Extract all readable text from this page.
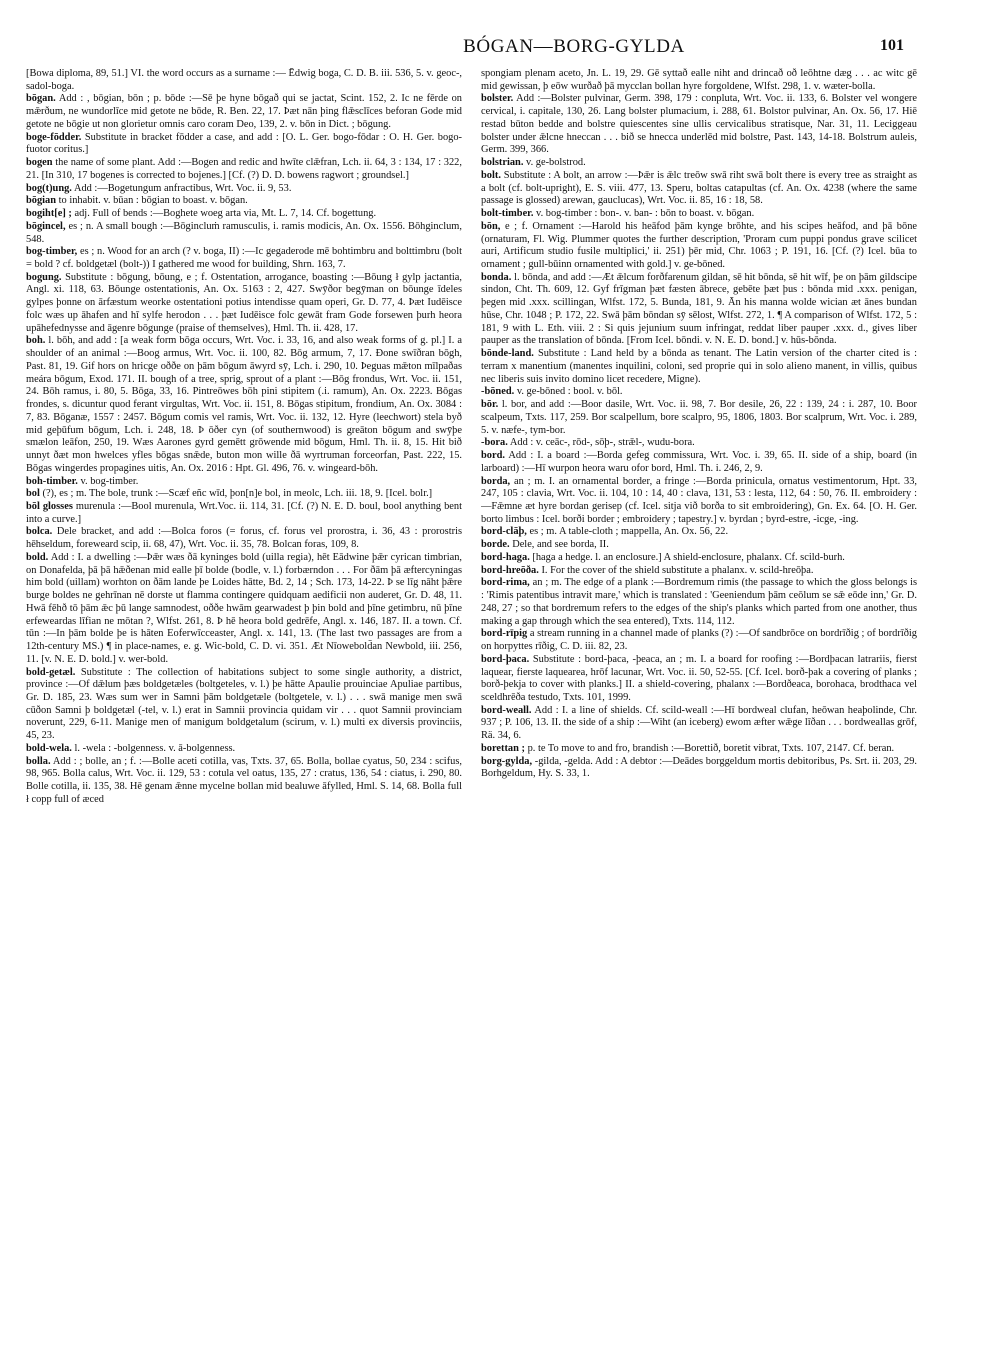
BÓGAN—BORG-GYLDA	101

[Bowa diploma, 89, 51.] VI. the word occurs as a surname :— Ēdwig boga, C. D. B. iii. 536, 5. v. geoc-, sadol-boga.

bōgan. Add : , bōgian, bōn ; p. bōde :—Sē þe hyne bōgað qui se jactat, Scint. 152, 2. Ic ne fērde on mǣrðum, ne wundorlīce mid getote ne bōde, R. Ben. 22, 17. Þæt nān þing flǣsclīces beforan Gode mid getote ne bōgie ut non glorietur omnis caro coram Deo, 139, 2. v. bōn in Dict. ; bōgung.

boge-fōdder. Substitute in bracket fōdder a case, and add : [O. L. Ger. bogo-fōdar : O. H. Ger. bogo-fuotor coritus.]

bogen the name of some plant. Add :—Bogen and redic and hwīte clǣfran, Lch. ii. 64, 3 : 134, 17 : 322, 21. [In 310, 17 bogenes is corrected to bojenes.] [Cf. (?) D. D. bowens ragwort ; groundsel.]

bog(t)ung. Add :—Bogetungum anfractibus, Wrt. Voc. ii. 9, 53.

bōgian to inhabit. v. būan : bōgian to boast. v. bōgan.

bogiht[e] ; adj. Full of bends :—Boghete woeg arta via, Mt. L. 7, 14. Cf. bogettung.

bōgincel, es ; n. A small bough :—Bōgincluṁ ramusculis, i. ramis modicis, An. Ox. 1556. Bōhginclum, 548.

bog-timber, es ; n. Wood for an arch (? v. boga, II) :—Ic gegaderode mē bohtimbru and bolttimbru (bolt = bold ? cf. boldgetæl (bolt-)) I gathered me wood for building, Shrn. 163, 7.

bogung. Substitute : bōgung, bōung, e ; f. Ostentation, arrogance, boasting :—Bōung ł gylp jactantia, Angl. xi. 118, 63. Bōunge ostentationis, An. Ox. 5163 : 2, 427. Swȳðor begȳman on bōunge īdeles gylpes þonne on ārfæstum weorke ostentationi potius intendisse quam operi, Gr. D. 77, 4. Þæt Iudēisce folc wæs up āhafen and hī sylfe herodon . . . þæt Iudēisce folc gewāt fram Gode forsewen þurh heora upāhefednysse and āgenre bōgunge (praise of themselves), Hml. Th. ii. 428, 17.

boh. l. bōh, and add : [a weak form bōga occurs, Wrt. Voc. i. 33, 16, and also weak forms of g. pl.] I. a shoulder of an animal :—Boog armus, Wrt. Voc. ii. 100, 82. Bōg armum, 7, 17. Ðone swīðran bōgh, Past. 81, 19. Gif hors on hricge oððe on þām bōgum āwyrd sȳ, Lch. i. 290, 10. Þeguas mǣton mīlpaðas meára bōgum, Exod. 171. II. bough of a tree, sprig, sprout of a plant :—Bōg frondus, Wrt. Voc. ii. 151, 24. Bōh ramus, i. 80, 5. Bōga, 33, 16. Pintreōwes bōh pini stipitem (.i. ramum), An. Ox. 2223. Bōgas frondes, s. dicuntur quod ferant virgultas, Wrt. Voc. ii. 151, 8. Bōgas stipitum, frondium, An. Ox. 3084 : 7, 83. Bōganæ, 1557 : 2457. Bōgum comis vel ramis, Wrt. Voc. ii. 132, 12. Hyre (leechwort) stela byð mid geþūfum bōgum, Lch. i. 248, 18. Þ ōðer cyn (of southernwood) is greāton bōgum and swȳþe smælon leāfon, 250, 19. Wæs Aarones gyrd gemētt grōwende mid bōgum, Hml. Th. ii. 8, 15. Hit bið unnyt ðæt mon hwelces yfles bōgas snǣde, buton mon wille ðā wyrtruman forceorfan, Past. 222, 15. Bōgas wingerdes propagines uitis, An. Ox. 2016 : Hpt. Gl. 496, 76. v. wingeard-bōh.

boh-timber. v. bog-timber.

bol (?), es ; m. The bole, trunk :—Scæf eñc wīd, þon[n]e bol, in meolc, Lch. iii. 18, 9. [Icel. bolr.]

bōl glosses murenula :—Bool murenula, Wrt.Voc. ii. 114, 31. [Cf. (?) N. E. D. boul, bool anything bent into a curve.]

bolca. Dele bracket, and add :—Bolca foros (= forus, cf. forus vel prorostra, i. 36, 43 : prorostris hēhseldum, foreweard scip, ii. 68, 47), Wrt. Voc. ii. 35, 78. Bolcan foras, 109, 8.

bold. Add : I. a dwelling :—Þǣr wæs ðā kyninges bold (uilla regia), hēt Eādwine þǣr cyrican timbrian, on Donafelda, þā þā hǣðenan mid ealle þī bolde (bodle, v. l.) forbærndon . . . For ðām þā æftercyningas him bold (uillam) worhton on ðām lande þe Loides hātte, Bd. 2, 14 ; Sch. 173, 14-22. Þ se līg nāht þǣre burge boldes ne gehrīnan nē dorste ut flamma contingere quidquam aedificii non auderet, Gr. D. 48, 11. Hwā fēhð tō þām ǣc þū lange samnodest, oððe hwām gearwadest þ þin bold and þīne getimbru, nū þīne erfeweardas līfian ne mōtan ?, Wlfst. 261, 8. Þ hē heora bold gedrēfe, Angl. x. 146, 187. II. a town. Cf. tūn :—In þām bolde þe is hāten Eoferwīcceaster, Angl. x. 141, 13. (The last two passages are from a 12th-century MS.) ¶ in place-names, e. g. Wic-bold, C. D. vi. 351. Æt Nīowebold̄an Newbold, iii. 256, 11. [v. N. E. D. bold.] v. wer-bold.

bold-getæl. Substitute : The collection of habitations subject to some single authority, a district, province :—Of dǣlum þæs boldgetæles (boltgeteles, v. l.) þe hātte Apaulie prouinciae Apuliae partibus, Gr. D. 185, 23. Wæs sum wer in Samni þām boldgetæle (boltgetele, v. l.) . . . swā manige men swā cūðon Samni þ boldgetæl (-tel, v. l.) erat in Samnii provincia quidam vir . . . quot Samnii provinciam noverunt, 229, 6-11. Manige men of manigum boldgetalum (scirum, v. l.) multi ex diversis provinciis, 45, 23.

bold-wela. l. -wela : -bolgenness. v. ā-bolgenness.

bolla. Add : ; bolle, an ; f. :—Bolle aceti cotilla, vas, Txts. 37, 65. Bolla, bollae cyatus, 50, 234 : scifus, 98, 965. Bolla calus, Wrt. Voc. ii. 129, 53 : cotula vel oatus, 135, 27 : cratus, 136, 54 : ciatus, i. 290, 80. Bolle cotilla, ii. 135, 38. Hē genam ǣnne mycelne bollan mid bealuwe āfylled, Hml. S. 14, 68. Bolla full ł copp full of æced

spongiam plenam aceto, Jn. L. 19, 29. Gē syttað ealle niht and drincað oð leōhtne dæg . . . ac witc gē mid gewissan, þ eōw wurðað þā mycclan bollan hyre forgoldene, Wlfst. 298, 1. v. wæter-bolla.

bolster. Add :—Bolster pulvinar, Germ. 398, 179 : conpluta, Wrt. Voc. ii. 133, 6. Bolster vel wongere cervical, i. capitale, 130, 26. Lang bolster plumacium, i. 288, 61. Bolstor pulvinar, An. Ox. 56, 17. Hiē restad būton bedde and bolstre quiescentes sine ullis cervicalibus stratisque, Nar. 31, 11. Leciggeau bolster under ǣlcne hneccan . . . bið se hnecca underlēd mid bolstre, Past. 143, 14-18. Bolstrum auleis, Germ. 399, 366.

bolstrian. v. ge-bolstrod.

bolt. Substitute : A bolt, an arrow :—Þǣr is ǣlc treōw swā riht swā bolt there is every tree as straight as a bolt (cf. bolt-upright), E. S. viii. 477, 13. Speru, boltas catapultas (cf. An. Ox. 4238 (where the same passage is glossed) arewan, gauclucas), Wrt. Voc. ii. 85, 16 : 18, 58.

bolt-timber. v. bog-timber : bon-. v. ban- : bōn to boast. v. bōgan.

bōn, e ; f. Ornament :—Harold his heāfod þām kynge brōhte, and his scipes heāfod, and þā bōne (ornaturam, Fl. Wig. Plummer quotes the further description, 'Proram cum puppi pondus grave scilicet auri, Artificum studio fusile multiplici,' ii. 251) þēr mid, Chr. 1063 ; P. 191, 16. [Cf. (?) Icel. būa to ornament ; gull-būinn ornamented with gold.] v. ge-bōned.

bonda. l. bōnda, and add :—Æt ǣlcum forðfarenum gildan, sē hit bōnda, sē hit wīf, þe on þām gildscipe sindon, Cht. Th. 609, 12. Gyf frīgman þæt fæsten ābrece, gebēte þæt þus : bōnda mid .xxx. penigan, þegen mid .xxx. scillingan, Wlfst. 172, 5. Bunda, 181, 9. Ān his manna wolde wician æt ānes bundan hūse, Chr. 1048 ; P. 172, 22. Swā þām bōndan sȳ sēlost, Wlfst. 272, 1. ¶ A comparison of Wlfst. 172, 5 : 181, 9 with L. Eth. viii. 2 : Si quis jejunium suum infringat, reddat liber pauper .xxx. d., gives liber pauper as the translation of bōnda. [From Icel. bōndi. v. N. E. D. bond.] v. hūs-bōnda.

bōnde-land. Substitute : Land held by a bōnda as tenant. The Latin version of the charter cited is : terram x manentium (manentes inquilini, coloni, sed proprie qui in solo alieno manent, in villis, quibus nec liberis suis invito domino licet recedere, Migne).

-bōned. v. ge-bōned : bool. v. bōl.

bōr. l. bor, and add :—Boor dasile, Wrt. Voc. ii. 98, 7. Bor desile, 26, 22 : 139, 24 : i. 287, 10. Boor scalpeum, Txts. 117, 259. Bor scalpellum, bore scalpro, 95, 1806, 1803. Bor scalprum, Wrt. Voc. i. 289, 5. v. næfe-, tym-bor.

-bora. Add : v. ceāc-, rōd-, sōþ-, strǣl-, wudu-bora.

bord. Add : I. a board :—Borda gefeg commissura, Wrt. Voc. i. 39, 65. II. side of a ship, board (in larboard) :—Hī wurpon heora waru ofor bord, Hml. Th. i. 246, 2, 9.

borda, an ; m. I. an ornamental border, a fringe :—Borda prinicula, ornatus vestimentorum, Hpt. 33, 247, 105 : clavia, Wrt. Voc. ii. 104, 10 : 14, 40 : clava, 131, 53 : lesta, 112, 64 : 50, 76. II. embroidery :—Fǣmne æt hyre bordan gerisep (cf. Icel. sitja við borða to sit embroidering), Gn. Ex. 64. [O. H. Ger. borto limbus : Icel. borði border ; embroidery ; tapestry.] v. byrdan ; byrd-estre, -icge, -ing.

bord-clāþ, es ; m. A table-cloth ; mappella, An. Ox. 56, 22.

borde. Dele, and see borda, II.

bord-haga. [haga a hedge. l. an enclosure.] A shield-enclosure, phalanx. Cf. scild-burh.

bord-hreōða. I. For the cover of the shield substitute a phalanx. v. scild-hreōþa.

bord-rima, an ; m. The edge of a plank :—Bordremum rimis (the passage to which the gloss belongs is : 'Rimis patentibus intravit mare,' which is translated : 'Geeniendum þām ceōlum se sǣ eōde inn,' Gr. D. 248, 27 ; so that bordremum refers to the edges of the ship's planks which parted from one another, thus making a gap through which the sea entered), Txts. 114, 112.

bord-rīpig a stream running in a channel made of planks (?) :—Of sandbrōce on bordrīðig ; of bordrīðig on horpyttes rīðig, C. D. iii. 82, 23.

bord-þaca. Substitute : bord-þaca, -þeaca, an ; m. I. a board for roofing :—Bordþacan latrariis, fierst laquear, fierste laquearea, hrōf lacunar, Wrt. Voc. ii. 50, 52-55. [Cf. Icel. borð-þak a covering of planks ; borð-þekja to cover with planks.] II. a shield-covering, phalanx :—Bordðeaca, borohaca, brodthaca vel sceldhrēða testudo, Txts. 101, 1999.

bord-weall. Add : I. a line of shields. Cf. scild-weall :—Hī bordweal clufan, heōwan heaþolinde, Chr. 937 ; P. 106, 13. II. the side of a ship :—Wiht (an iceberg) ewom æfter wǣge līðan . . . bordweallas grōf, Rä. 34, 6.

borettan ; p. te To move to and fro, brandish :—Borettið, boretit vibrat, Txts. 107, 2147. Cf. beran.

borg-gylda, -gilda, -gelda. Add : A debtor :—Deādes borggeldum mortis debitoribus, Ps. Srt. ii. 203, 29. Borhgeldum, Hy. S. 33, 1.
